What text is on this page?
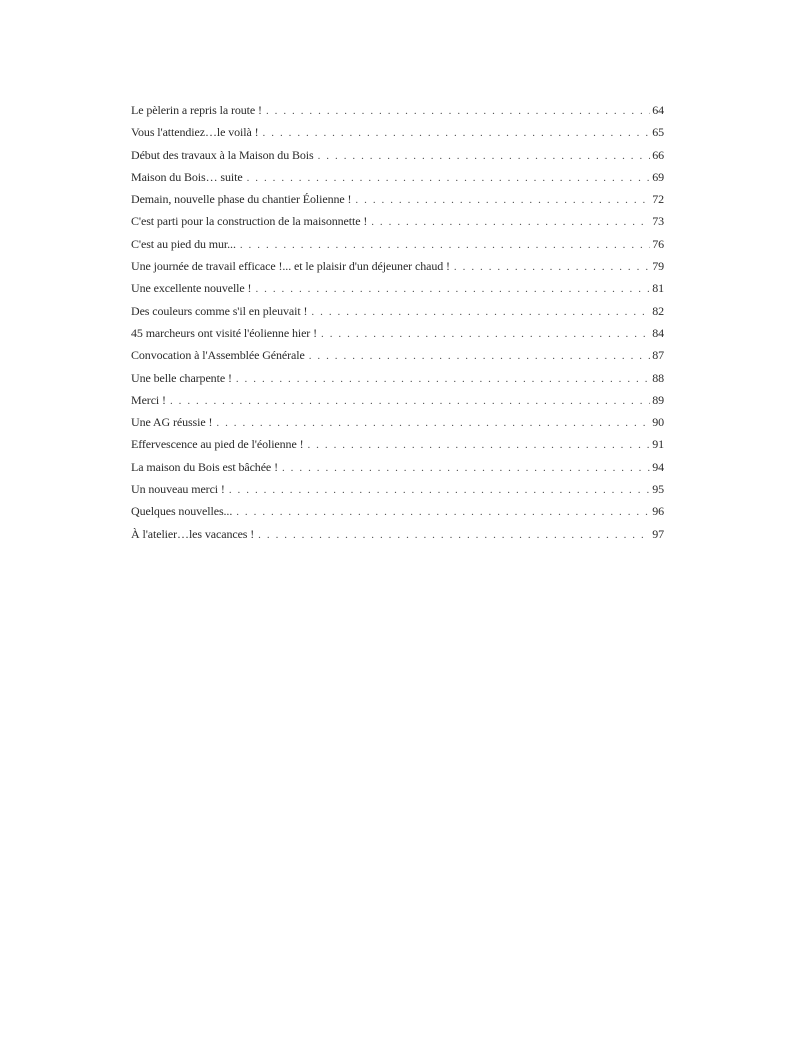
Le pèlerin a repris la route ! . . .	64
Vous l'attendiez…le voilà ! . . .	65
Début des travaux à la Maison du Bois . . .	66
Maison du Bois… suite . . .	69
Demain, nouvelle phase du chantier Éolienne ! . . .	72
C'est parti pour la construction de la maisonnette ! . . .	73
C'est au pied du mur... . . .	76
Une journée de travail efficace !... et le plaisir d'un déjeuner chaud ! . . .	79
Une excellente nouvelle ! . . .	81
Des couleurs comme s'il en pleuvait ! . . .	82
45 marcheurs ont visité l'éolienne hier ! . . .	84
Convocation à l'Assemblée Générale . . .	87
Une belle charpente ! . . .	88
Merci ! . . .	89
Une AG réussie ! . . .	90
Effervescence au pied de l'éolienne ! . . .	91
La maison du Bois est bâchée ! . . .	94
Un nouveau merci ! . . .	95
Quelques nouvelles... . . .	96
À l'atelier…les vacances ! . . .	97
